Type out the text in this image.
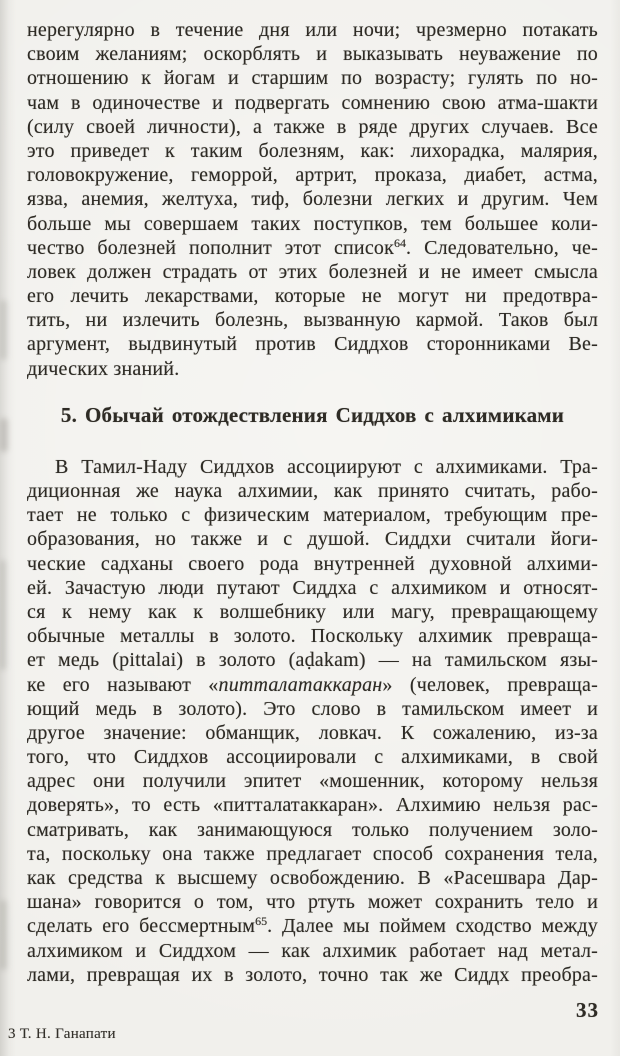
нерегулярно в течение дня или ночи; чрезмерно потакать
своим желаниям; оскорблять и выказывать неуважение по
отношению к йогам и старшим по возрасту; гулять по но-
чам в одиночестве и подвергать сомнению свою атма-шакти
(силу своей личности), а также в ряде других случаев. Все
это приведет к таким болезням, как: лихорадка, малярия,
головокружение, геморрой, артрит, проказа, диабет, астма,
язва, анемия, желтуха, тиф, болезни легких и другим. Чем
больше мы совершаем таких поступков, тем большее коли-
чество болезней пополнит этот список$^{64}$. Следовательно, че-
ловек должен страдать от этих болезней и не имеет смысла
его лечить лекарствами, которые не могут ни предотвра-
тить, ни излечить болезнь, вызванную кармой. Таков был
аргумент, выдвинутый против Сиддхов сторонниками Ве-
дических знаний.
5. Обычай отождествления Сиддхов с алхимиками
В Тамил-Наду Сиддхов ассоциируют с алхимиками. Тра-
диционная же наука алхимии, как принято считать, рабо-
тает не только с физическим материалом, требующим пре-
образования, но также и с душой. Сиддхи считали йоги-
ческие садханы своего рода внутренней духовной алхими-
ей. Зачастую люди путают Сиддха с алхимиком и относят-
ся к нему как к волшебнику или магу, превращающему
обычные металлы в золото. Поскольку алхимик превраща-
ет медь (pittalai) в золото (aḍakam) — на тамильском язы-
ке его называют «питталатаккаран» (человек, превраща-
ющий медь в золото). Это слово в тамильском имеет и
другое значение: обманщик, ловкач. К сожалению, из-за
того, что Сиддхов ассоциировали с алхимиками, в свой
адрес они получили эпитет «мошенник, которому нельзя
доверять», то есть «питталатаккаран». Алхимию нельзя рас-
сматривать, как занимающуюся только получением золо-
та, поскольку она также предлагает способ сохранения тела,
как средства к высшему освобождению. В «Расешвара Дар-
шана» говорится о том, что ртуть может сохранить тело и
сделать его бессмертным$^{65}$. Далее мы поймем сходство между
алхимиком и Сиддхом — как алхимик работает над метал-
лами, превращая их в золото, точно так же Сиддх преобра-
33
3 Т. Н. Ганапати
